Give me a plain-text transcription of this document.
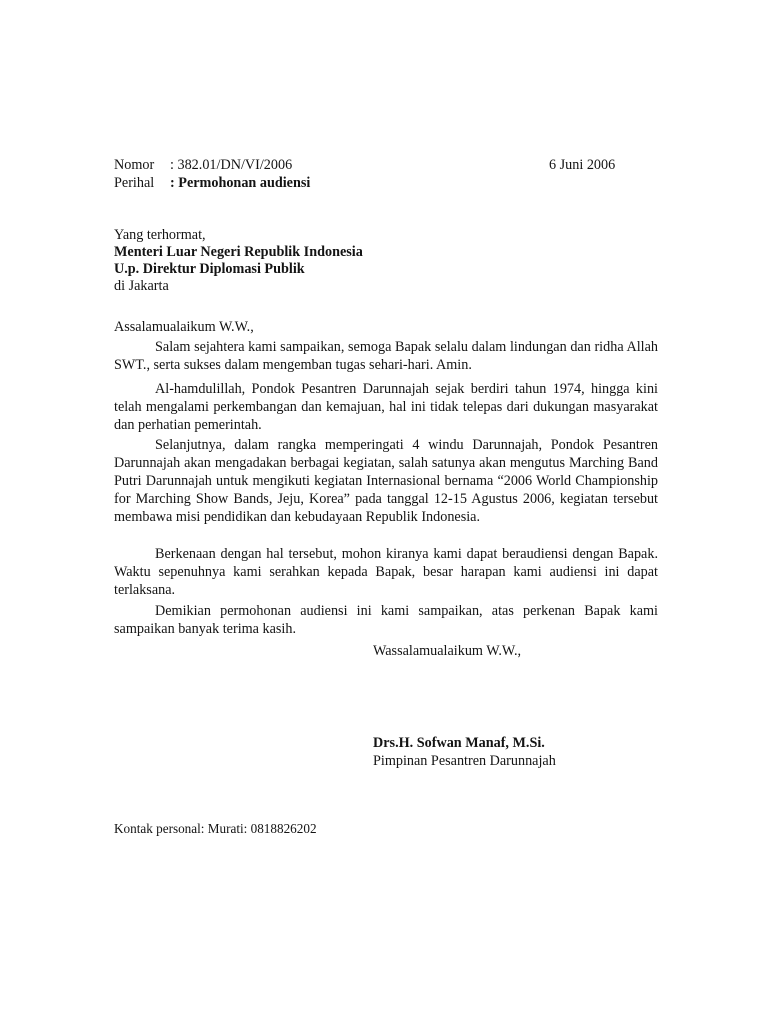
Nomor : 382.01/DN/VI/2006
Perihal : Permohonan audiensi
6 Juni 2006
Yang terhormat,
Menteri Luar Negeri Republik Indonesia
U.p. Direktur Diplomasi Publik
di Jakarta
Assalamualaikum W.W.,

Salam sejahtera kami sampaikan, semoga Bapak selalu dalam lindungan dan ridha Allah SWT., serta sukses dalam mengemban tugas sehari-hari. Amin.

Al-hamdulillah, Pondok Pesantren Darunnajah sejak berdiri tahun 1974, hingga kini telah mengalami perkembangan dan kemajuan, hal ini tidak telepas dari dukungan masyarakat dan perhatian pemerintah.

Selanjutnya, dalam rangka memperingati 4 windu Darunnajah, Pondok Pesantren Darunnajah akan mengadakan berbagai kegiatan, salah satunya akan mengutus Marching Band Putri Darunnajah untuk mengikuti kegiatan Internasional bernama “2006 World Championship for Marching Show Bands, Jeju, Korea” pada tanggal 12-15 Agustus 2006, kegiatan tersebut membawa misi pendidikan dan kebudayaan Republik Indonesia.

Berkenaan dengan hal tersebut, mohon kiranya kami dapat beraudiensi dengan Bapak. Waktu sepenuhnya kami serahkan kepada Bapak, besar harapan kami audiensi ini dapat terlaksana.

Demikian permohonan audiensi ini kami sampaikan, atas perkenan Bapak kami sampaikan banyak terima kasih.

Wassalamualaikum W.W.,
Drs.H. Sofwan Manaf, M.Si.
Pimpinan Pesantren Darunnajah
Kontak personal: Murati: 0818826202
